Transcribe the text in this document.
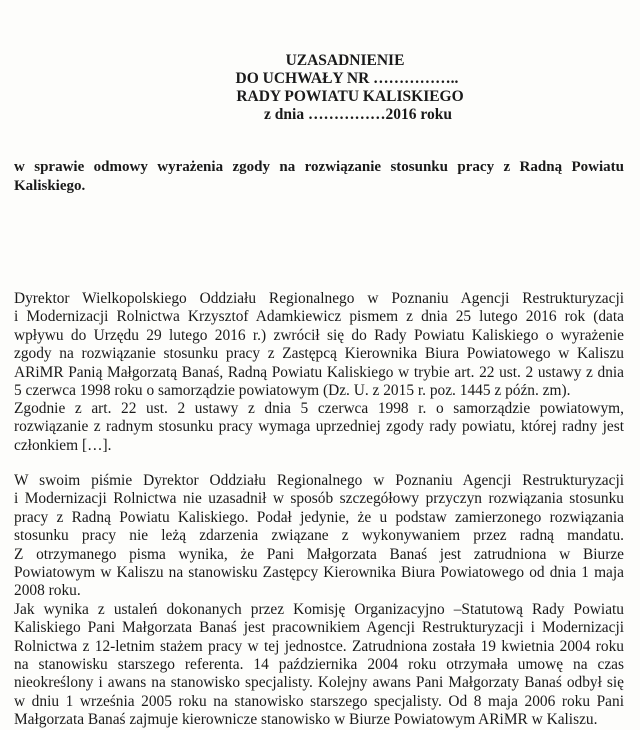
UZASADNIENIE
DO UCHWAŁY NR ……………..
RADY POWIATU KALISKIEGO
z dnia ……………2016 roku
w sprawie odmowy wyrażenia zgody na rozwiązanie stosunku pracy z Radną Powiatu Kaliskiego.
Dyrektor Wielkopolskiego Oddziału Regionalnego w Poznaniu Agencji Restrukturyzacji
i Modernizacji Rolnictwa Krzysztof Adamkiewicz pismem z dnia 25 lutego 2016 rok (data
wpływu do Urzędu 29 lutego 2016 r.) zwrócił się do Rady Powiatu Kaliskiego o wyrażenie
zgody na rozwiązanie stosunku pracy z Zastępcą Kierownika Biura Powiatowego w Kaliszu
ARiMR Panią Małgorzatą Banaś, Radną Powiatu Kaliskiego w trybie art. 22 ust. 2 ustawy z dnia
5 czerwca 1998 roku o samorządzie powiatowym (Dz. U. z 2015 r. poz. 1445 z późn. zm).
Zgodnie z art. 22 ust. 2 ustawy z dnia 5 czerwca 1998 r. o samorządzie powiatowym,
rozwiązanie z radnym stosunku pracy wymaga uprzedniej zgody rady powiatu, której radny jest
członkiem […].
W swoim piśmie Dyrektor Oddziału Regionalnego w Poznaniu Agencji Restrukturyzacji
i Modernizacji Rolnictwa nie uzasadnił w sposób szczegółowy przyczyn rozwiązania stosunku
pracy z Radną Powiatu Kaliskiego. Podał jedynie, że u podstaw zamierzonego rozwiązania
stosunku pracy nie leżą zdarzenia związane z wykonywaniem przez radną mandatu.
Z otrzymanego pisma wynika, że Pani Małgorzata Banaś jest zatrudniona w Biurze
Powiatowym w Kaliszu na stanowisku Zastępcy Kierownika Biura Powiatowego od dnia 1 maja
2008 roku.
Jak wynika z ustaleń dokonanych przez Komisję Organizacyjno –Statutową Rady Powiatu
Kaliskiego Pani Małgorzata Banaś jest pracownikiem Agencji Restrukturyzacji i Modernizacji
Rolnictwa z 12-letnim stażem pracy w tej jednostce. Zatrudniona została 19 kwietnia 2004 roku
na stanowisku starszego referenta. 14 października 2004 roku otrzymała umowę na czas
nieokreślony i awans na stanowisko specjalisty. Kolejny awans Pani Małgorzaty Banaś odbył się
w dniu 1 września 2005 roku na stanowisko starszego specjalisty. Od 8 maja 2006 roku Pani
Małgorzata Banaś zajmuje kierownicze stanowisko w Biurze Powiatowym ARiMR w Kaliszu.
